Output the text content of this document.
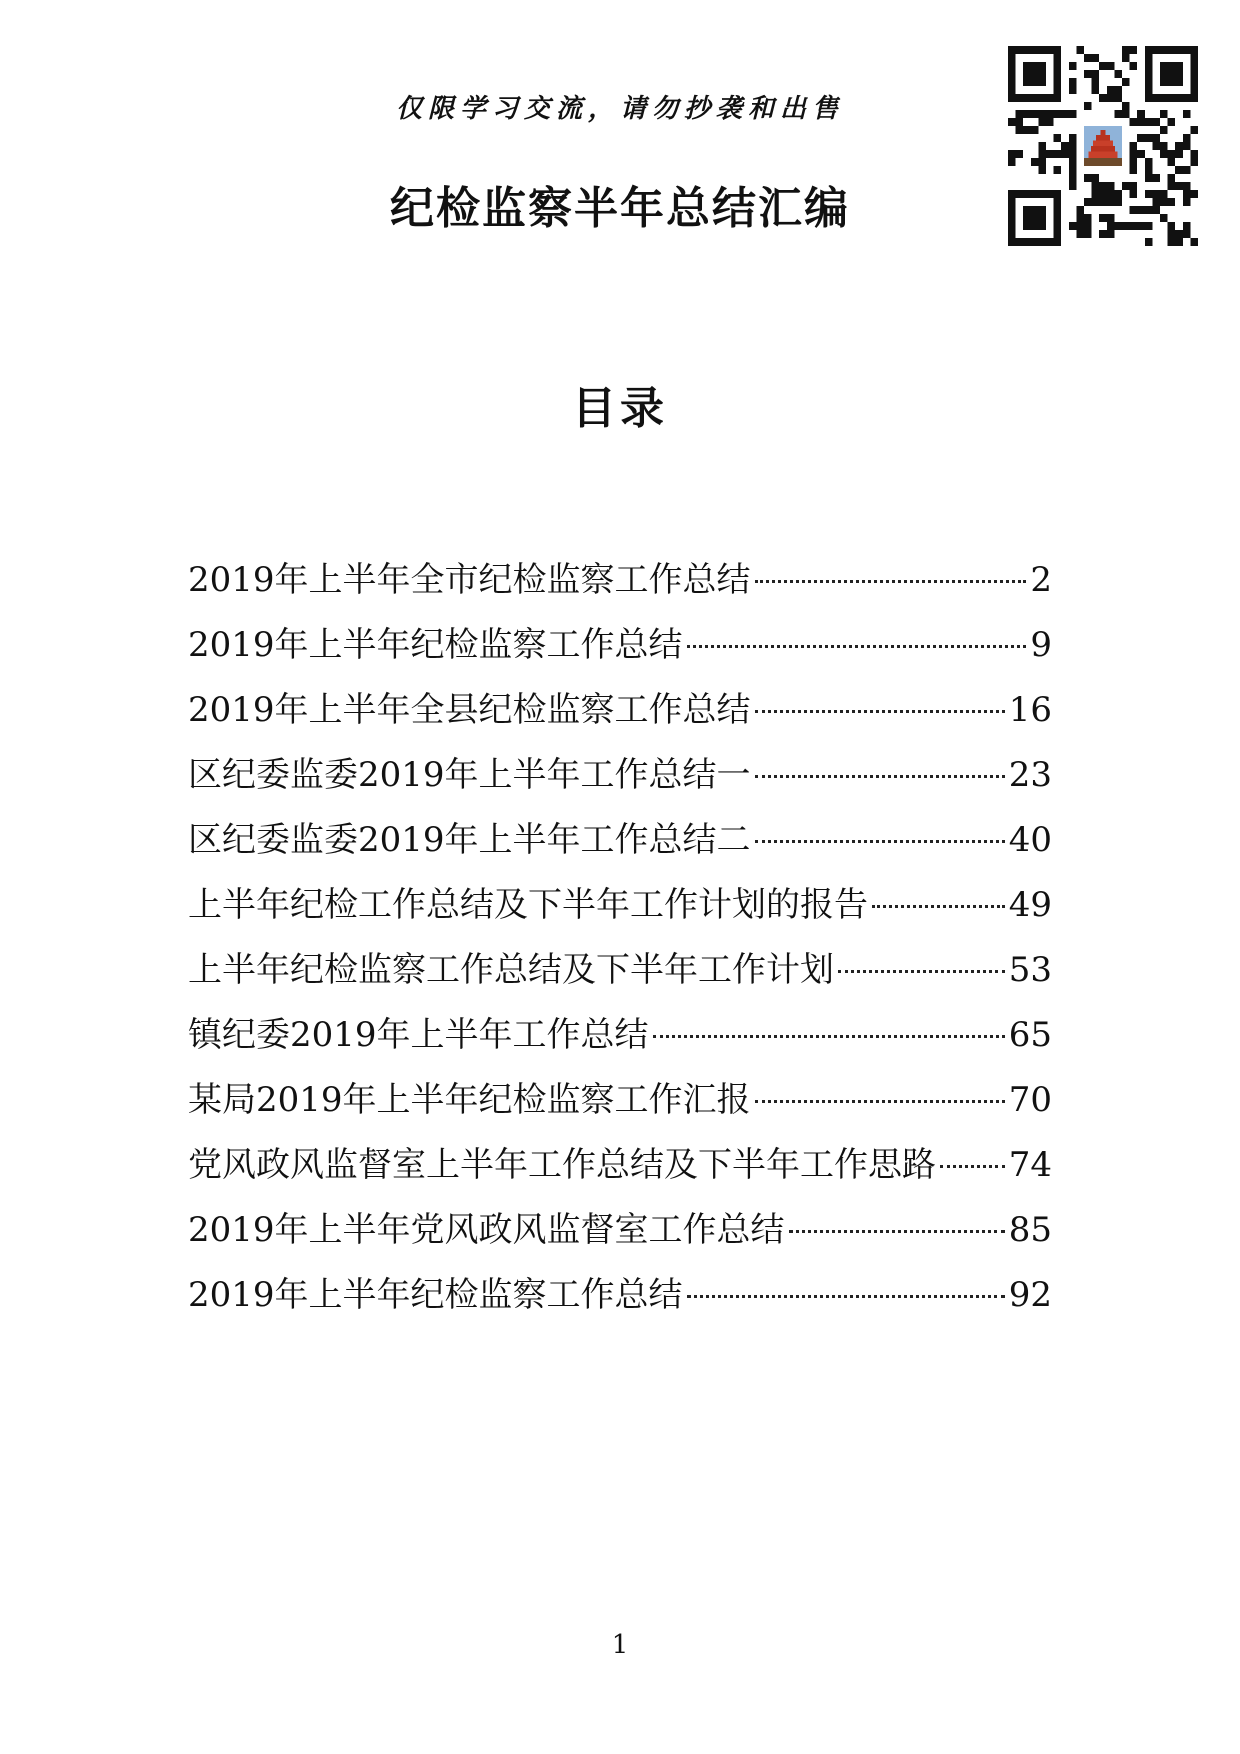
仅限学习交流，请勿抄袭和出售
纪检监察半年总结汇编
目录
2019年上半年全市纪检监察工作总结	2
2019年上半年纪检监察工作总结	9
2019年上半年全县纪检监察工作总结	16
区纪委监委2019年上半年工作总结一	23
区纪委监委2019年上半年工作总结二	40
上半年纪检工作总结及下半年工作计划的报告	49
上半年纪检监察工作总结及下半年工作计划	53
镇纪委2019年上半年工作总结	65
某局2019年上半年纪检监察工作汇报	70
党风政风监督室上半年工作总结及下半年工作思路 74
2019年上半年党风政风监督室工作总结	85
2019年上半年纪检监察工作总结	92
1
